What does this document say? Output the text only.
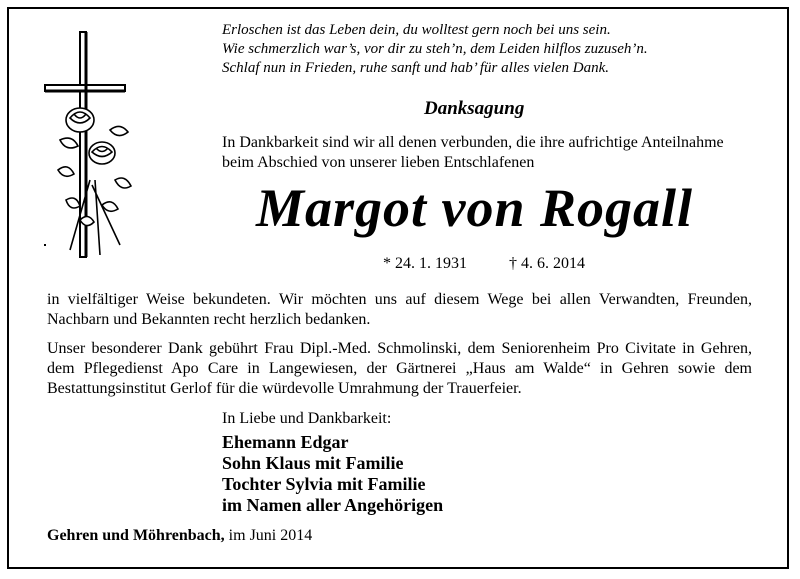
Erloschen ist das Leben dein, du wolltest gern noch bei uns sein.
Wie schmerzlich war’s, vor dir zu steh’n, dem Leiden hilflos zuzuseh’n.
Schlaf nun in Frieden, ruhe sanft und hab’ für alles vielen Dank.
Danksagung
In Dankbarkeit sind wir all denen verbunden, die ihre aufrichtige Anteilnahme
beim Abschied von unserer lieben Entschlafenen
Margot von Rogall
* 24. 1. 1931	† 4. 6. 2014
in vielfältiger Weise bekundeten. Wir möchten uns auf diesem Wege bei allen Verwandten, Freunden, Nachbarn und Bekannten recht herzlich bedanken.
Unser besonderer Dank gebührt Frau Dipl.-Med. Schmolinski, dem Seniorenheim Pro Civitate in Gehren, dem Pflegedienst Apo Care in Langewiesen, der Gärtnerei „Haus am Walde“ in Gehren sowie dem Bestattungsinstitut Gerlof für die würdevolle Umrahmung der Trauerfeier.
In Liebe und Dankbarkeit:
Ehemann Edgar
Sohn Klaus mit Familie
Tochter Sylvia mit Familie
im Namen aller Angehörigen
Gehren und Möhrenbach, im Juni 2014
